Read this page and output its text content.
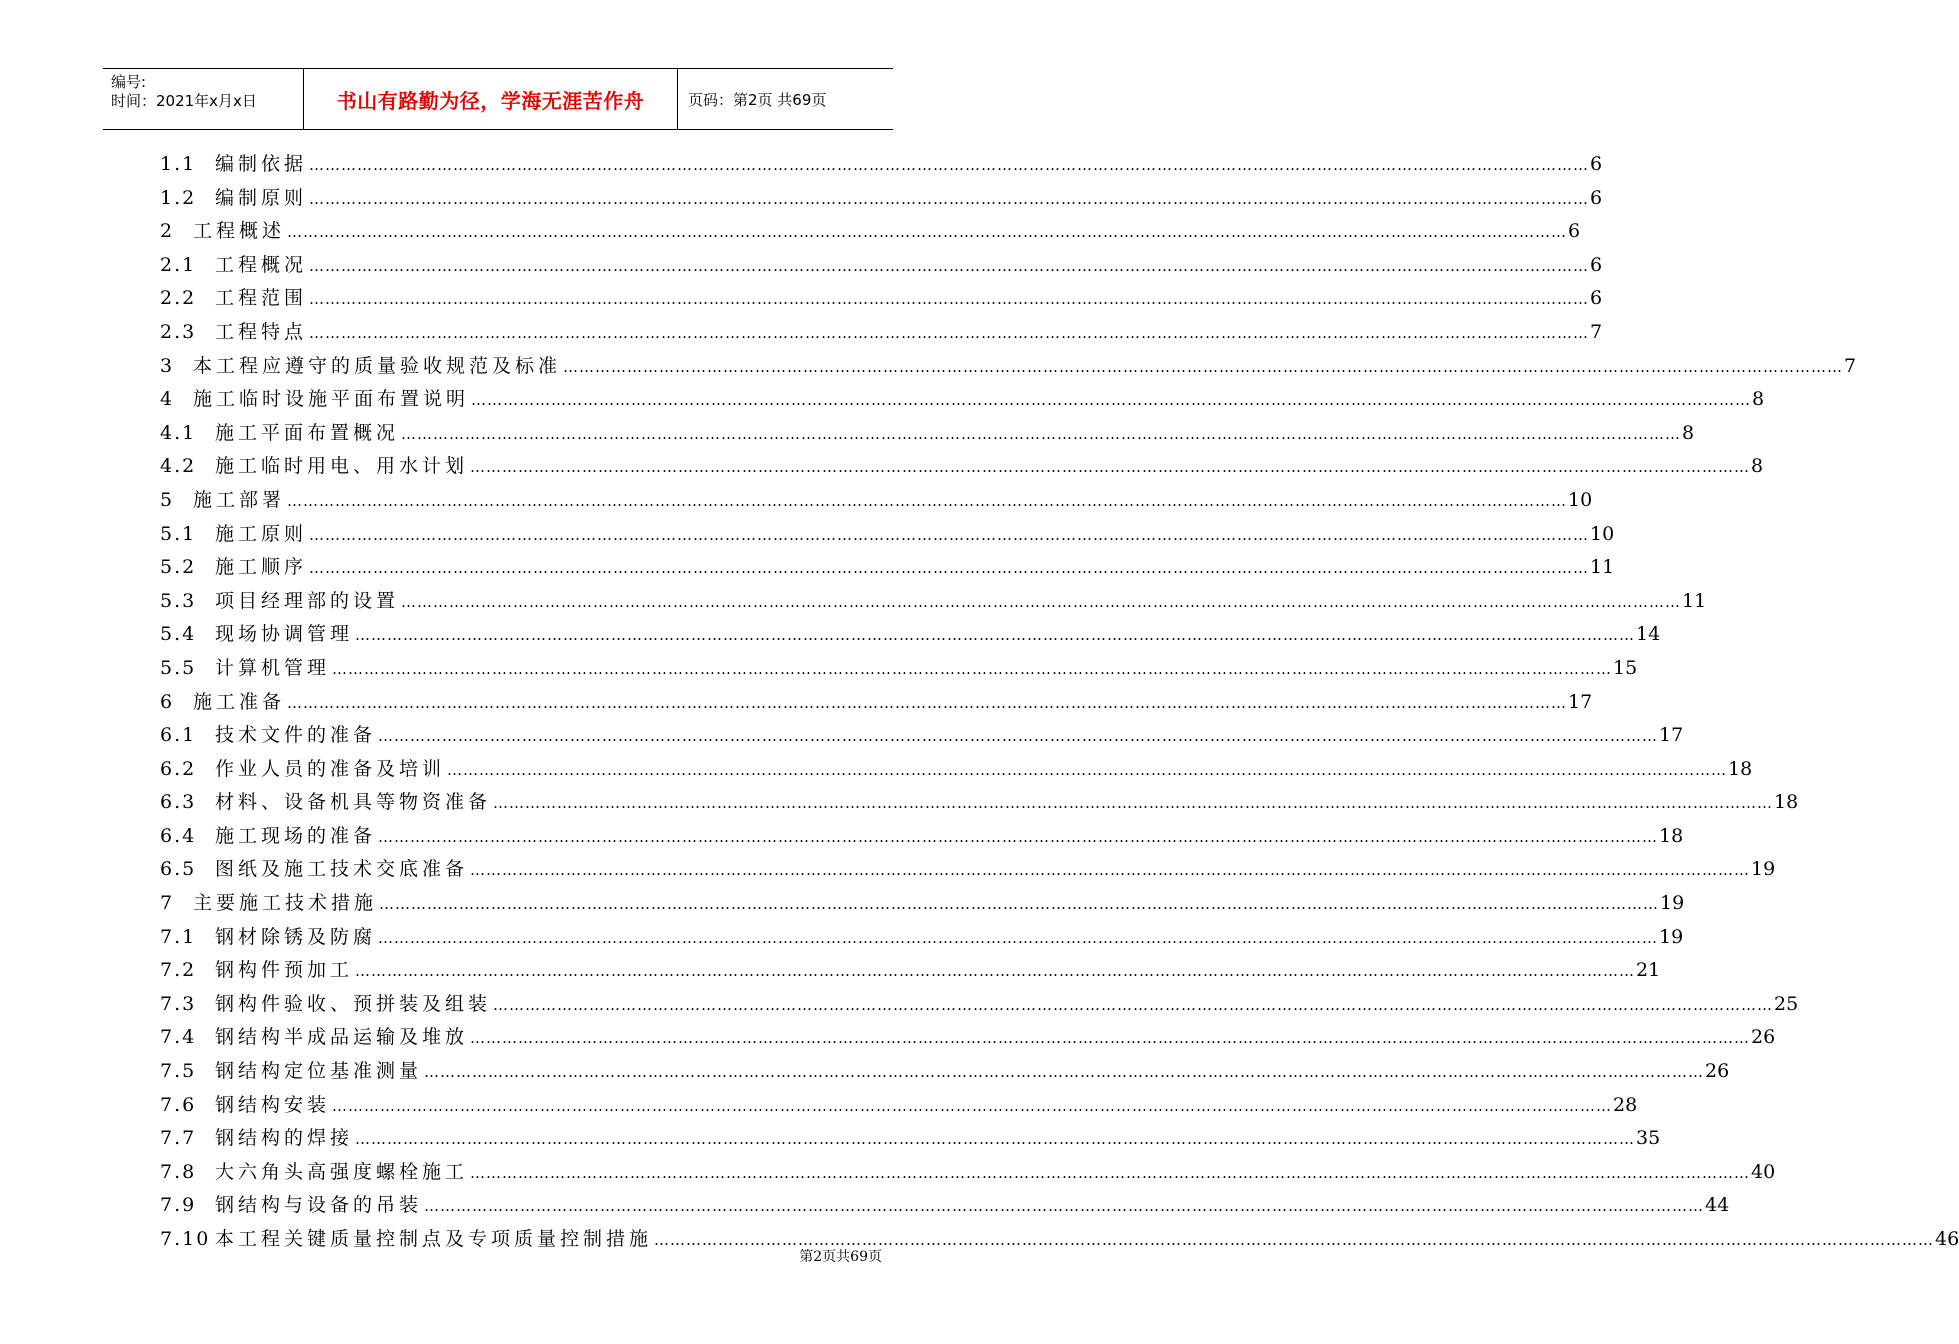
编号:
时间：2021年x月x日	书山有路勤为径，学海无涯苦作舟	页码：第2页 共69页
1.1 编制依据 …………………………………………………………………………………………………………………………………………………………………………………………………………………… 6
1.2 编制原则 …………………………………………………………………………………………………………………………………………………………………………………………………………………… 6
2 工程概述 …………………………………………………………………………………………………………………………………………………………………………………………………………………… 6
2.1 工程概况 …………………………………………………………………………………………………………………………………………………………………………………………………………………… 6
2.2 工程范围 …………………………………………………………………………………………………………………………………………………………………………………………………………………… 6
2.3 工程特点 …………………………………………………………………………………………………………………………………………………………………………………………………………………… 7
3 本工程应遵守的质量验收规范及标准 …………………………………………………………………………………………………………………………………………………………………………………………………………………… 7
4 施工临时设施平面布置说明 …………………………………………………………………………………………………………………………………………………………………………………………………………………… 8
4.1 施工平面布置概况 …………………………………………………………………………………………………………………………………………………………………………………………………………………… 8
4.2 施工临时用电、用水计划 …………………………………………………………………………………………………………………………………………………………………………………………………………………… 8
5 施工部署 …………………………………………………………………………………………………………………………………………………………………………………………………………………… 10
5.1 施工原则 …………………………………………………………………………………………………………………………………………………………………………………………………………………… 10
5.2 施工顺序 …………………………………………………………………………………………………………………………………………………………………………………………………………………… 11
5.3 项目经理部的设置 …………………………………………………………………………………………………………………………………………………………………………………………………………………… 11
5.4 现场协调管理 …………………………………………………………………………………………………………………………………………………………………………………………………………………… 14
5.5 计算机管理 …………………………………………………………………………………………………………………………………………………………………………………………………………………… 15
6 施工准备 …………………………………………………………………………………………………………………………………………………………………………………………………………………… 17
6.1 技术文件的准备 …………………………………………………………………………………………………………………………………………………………………………………………………………………… 17
6.2 作业人员的准备及培训 …………………………………………………………………………………………………………………………………………………………………………………………………………………… 18
6.3 材料、设备机具等物资准备 …………………………………………………………………………………………………………………………………………………………………………………………………………………… 18
6.4 施工现场的准备 …………………………………………………………………………………………………………………………………………………………………………………………………………………… 18
6.5 图纸及施工技术交底准备 …………………………………………………………………………………………………………………………………………………………………………………………………………………… 19
7 主要施工技术措施 …………………………………………………………………………………………………………………………………………………………………………………………………………………… 19
7.1 钢材除锈及防腐 …………………………………………………………………………………………………………………………………………………………………………………………………………………… 19
7.2 钢构件预加工 …………………………………………………………………………………………………………………………………………………………………………………………………………………… 21
7.3 钢构件验收、预拼装及组装 …………………………………………………………………………………………………………………………………………………………………………………………………………………… 25
7.4 钢结构半成品运输及堆放 …………………………………………………………………………………………………………………………………………………………………………………………………………………… 26
7.5 钢结构定位基准测量 …………………………………………………………………………………………………………………………………………………………………………………………………………………… 26
7.6 钢结构安装 …………………………………………………………………………………………………………………………………………………………………………………………………………………… 28
7.7 钢结构的焊接 …………………………………………………………………………………………………………………………………………………………………………………………………………………… 35
7.8 大六角头高强度螺栓施工 …………………………………………………………………………………………………………………………………………………………………………………………………………………… 40
7.9 钢结构与设备的吊装 …………………………………………………………………………………………………………………………………………………………………………………………………………………… 44
7.10 本工程关键质量控制点及专项质量控制措施 …………………………………………………………………………………………………………………………………………………………………………………………………………………… 46
第2页共69页
